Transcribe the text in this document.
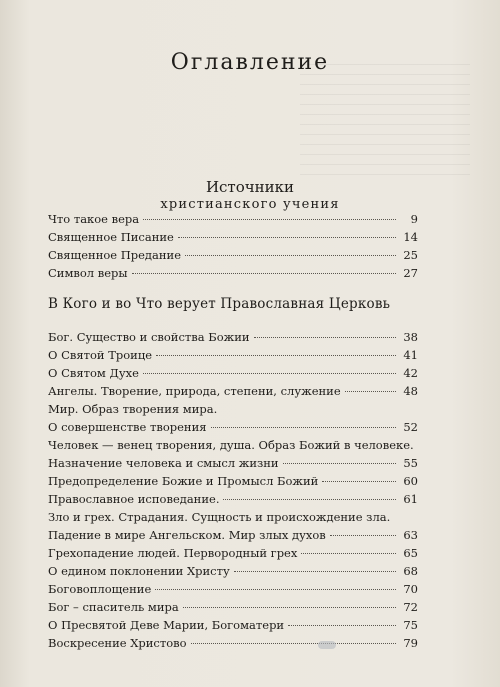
Оглавление
Источники
христианского учения
Что такое вера	9
Священное Писание	14
Священное Предание	25
Символ веры	27
В Кого и во Что верует Православная Церковь
Бог. Существо и свойства Божии	38
О Святой Троице	41
О Святом Духе	42
Ангелы. Творение, природа, степени, служение	48
Мир. Образ творения мира.
О совершенстве творения	52
Человек — венец творения, душа. Образ Божий в человеке.
Назначение человека и смысл жизни	55
Предопределение Божие и Промысл Божий	60
Православное исповедание.	61
Зло и грех. Страдания. Сущность и происхождение зла.
Падение в мире Ангельском. Мир злых духов	63
Грехопадение людей. Первородный грех	65
О едином поклонении Христу	68
Боговоплощение	70
Бог – спаситель мира	72
О Пресвятой Деве Марии, Богоматери	75
Воскресение Христово	79
